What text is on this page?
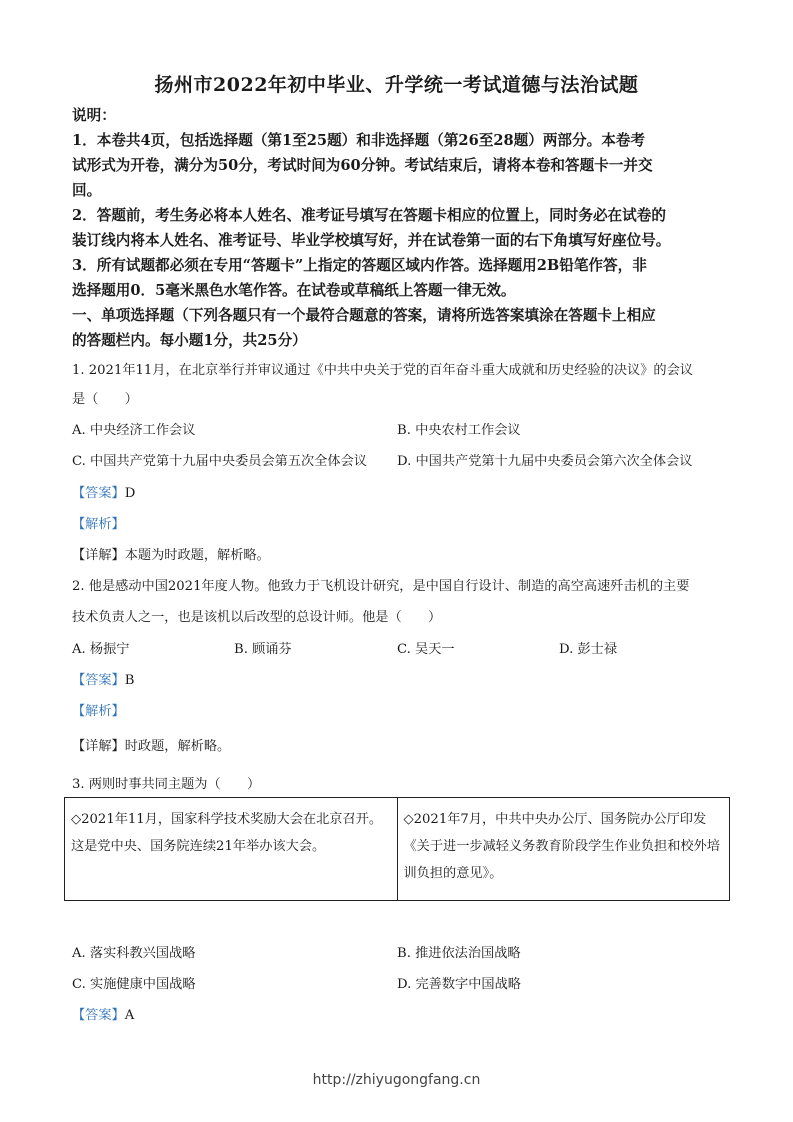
扬州市2022年初中毕业、升学统一考试道德与法治试题
说明：
1．本卷共4页，包括选择题（第1至25题）和非选择题（第26至28题）两部分。本卷考
试形式为开卷，满分为50分，考试时间为60分钟。考试结束后，请将本卷和答题卡一并交
回。
2．答题前，考生务必将本人姓名、准考证号填写在答题卡相应的位置上，同时务必在试卷的
装订线内将本人姓名、准考证号、毕业学校填写好，并在试卷第一面的右下角填写好座位号。
3．所有试题都必须在专用“答题卡”上指定的答题区域内作答。选择题用2B铅笔作答，非
选择题用0．5毫米黑色水笔作答。在试卷或草稿纸上答题一律无效。
一、单项选择题（下列各题只有一个最符合题意的答案，请将所选答案填涂在答题卡上相应
的答题栏内。每小题1分，共25分）
1. 2021年11月，在北京举行并审议通过《中共中央关于党的百年奋斗重大成就和历史经验的决议》的会议
是（　　）
A. 中央经济工作会议	B. 中央农村工作会议
C. 中国共产党第十九届中央委员会第五次全体会议 D. 中国共产党第十九届中央委员会第六次全体会议
【答案】D
【解析】
【详解】本题为时政题，解析略。
2. 他是感动中国2021年度人物。他致力于飞机设计研究，是中国自行设计、制造的高空高速歼击机的主要
技术负责人之一，也是该机以后改型的总设计师。他是（　　）
A. 杨振宁	B. 顾诵芬	C. 吴天一	D. 彭士禄
【答案】B
【解析】
【详解】时政题，解析略。
3. 两则时事共同主题为（　　）
◇2021年11月，国家科学技术奖励大会在北京召开。这是党中央、国务院连续21年举办该大会。	◇2021年7月，中共中央办公厅、国务院办公厅印发《关于进一步减轻义务教育阶段学生作业负担和校外培训负担的意见》。
A. 落实科教兴国战略	B. 推进依法治国战略
C. 实施健康中国战略	D. 完善数字中国战略
【答案】A
http://zhiyugongfang.cn
